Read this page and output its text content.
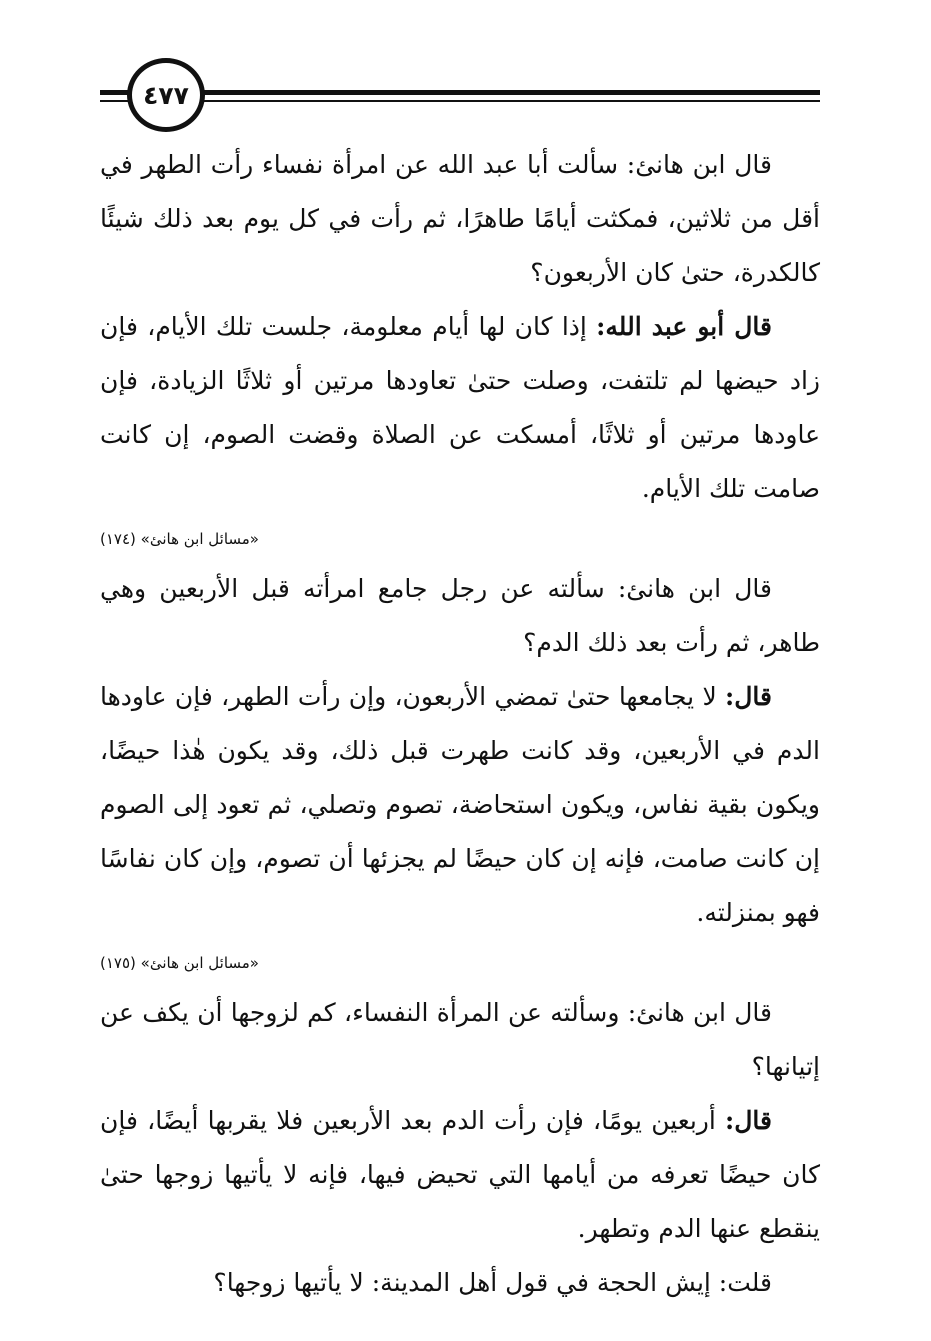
٤٧٧

قال ابن هانئ: سألت أبا عبد الله عن امرأة نفساء رأت الطهر في أقل من ثلاثين، فمكثت أيامًا طاهرًا، ثم رأت في كل يوم بعد ذلك شيئًا كالكدرة، حتىٰ كان الأربعون؟

قال أبو عبد الله: إذا كان لها أيام معلومة، جلست تلك الأيام، فإن زاد حيضها لم تلتفت، وصلت حتىٰ تعاودها مرتين أو ثلاثًا الزيادة، فإن عاودها مرتين أو ثلاثًا، أمسكت عن الصلاة وقضت الصوم، إن كانت صامت تلك الأيام.

«مسائل ابن هانئ» (١٧٤)

قال ابن هانئ: سألته عن رجل جامع امرأته قبل الأربعين وهي طاهر، ثم رأت بعد ذلك الدم؟

قال: لا يجامعها حتىٰ تمضي الأربعون، وإن رأت الطهر، فإن عاودها الدم في الأربعين، وقد كانت طهرت قبل ذلك، وقد يكون هٰذا حيضًا، ويكون بقية نفاس، ويكون استحاضة، تصوم وتصلي، ثم تعود إلى الصوم إن كانت صامت، فإنه إن كان حيضًا لم يجزئها أن تصوم، وإن كان نفاسًا فهو بمنزلته.

«مسائل ابن هانئ» (١٧٥)

قال ابن هانئ: وسألته عن المرأة النفساء، كم لزوجها أن يكف عن إتيانها؟

قال: أربعين يومًا، فإن رأت الدم بعد الأربعين فلا يقربها أيضًا، فإن كان حيضًا تعرفه من أيامها التي تحيض فيها، فإنه لا يأتيها زوجها حتىٰ ينقطع عنها الدم وتطهر.

قلت: إيش الحجة في قول أهل المدينة: لا يأتيها زوجها؟
